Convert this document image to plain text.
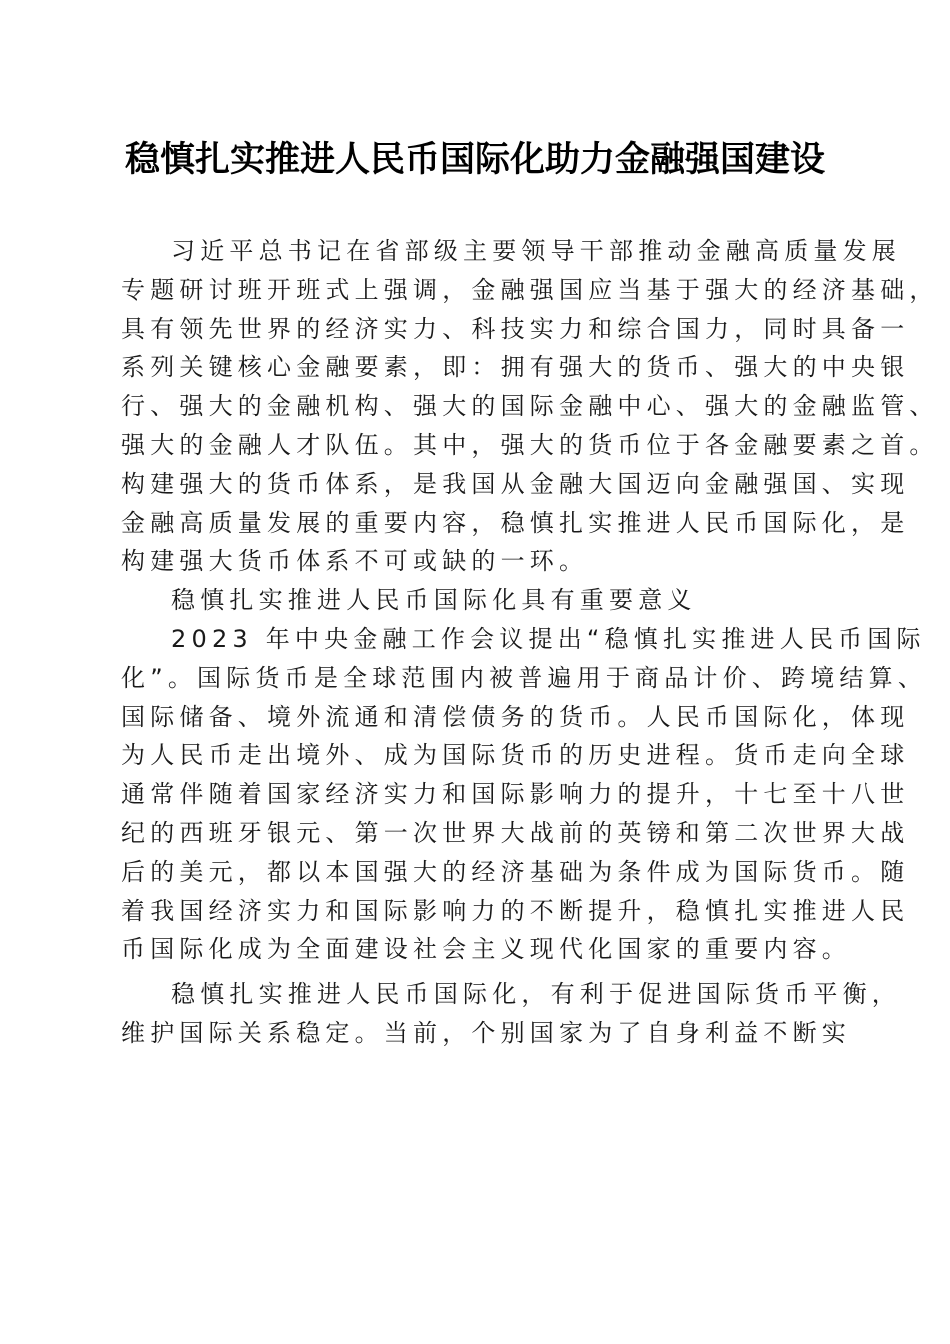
稳慎扎实推进人民币国际化助力金融强国建设

习近平总书记在省部级主要领导干部推动金融高质量发展

专题研讨班开班式上强调，金融强国应当基于强大的经济基础，

具有领先世界的经济实力、科技实力和综合国力，同时具备一

系列关键核心金融要素，即：拥有强大的货币、强大的中央银

行、强大的金融机构、强大的国际金融中心、强大的金融监管、

强大的金融人才队伍。其中，强大的货币位于各金融要素之首。

构建强大的货币体系，是我国从金融大国迈向金融强国、实现

金融高质量发展的重要内容，稳慎扎实推进人民币国际化，是

构建强大货币体系不可或缺的一环。

稳慎扎实推进人民币国际化具有重要意义

2023 年中央金融工作会议提出“稳慎扎实推进人民币国际

化”。国际货币是全球范围内被普遍用于商品计价、跨境结算、

国际储备、境外流通和清偿债务的货币。人民币国际化，体现

为人民币走出境外、成为国际货币的历史进程。货币走向全球

通常伴随着国家经济实力和国际影响力的提升，十七至十八世

纪的西班牙银元、第一次世界大战前的英镑和第二次世界大战

后的美元，都以本国强大的经济基础为条件成为国际货币。随

着我国经济实力和国际影响力的不断提升，稳慎扎实推进人民

币国际化成为全面建设社会主义现代化国家的重要内容。

稳慎扎实推进人民币国际化，有利于促进国际货币平衡，

维护国际关系稳定。当前，个别国家为了自身利益不断实
